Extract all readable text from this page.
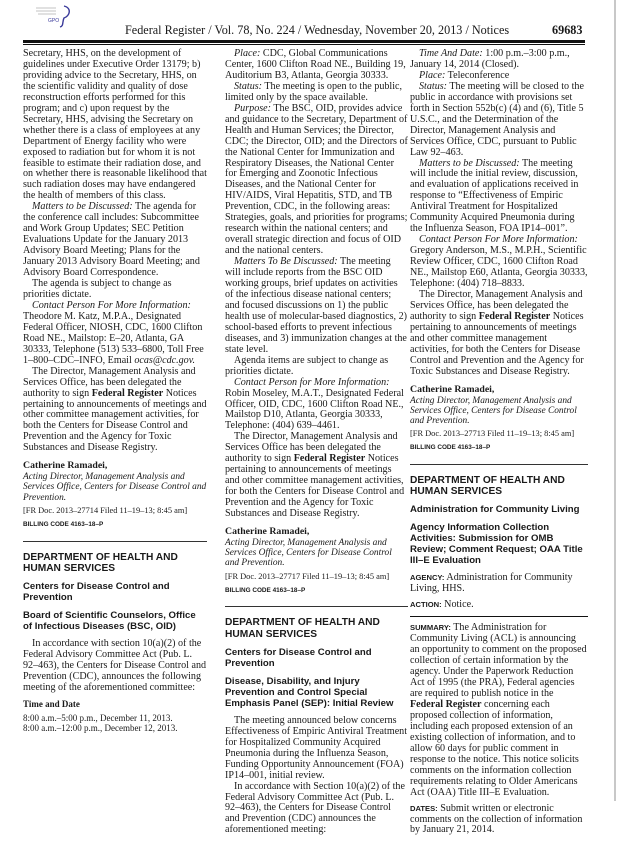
GPO
Federal Register / Vol. 78, No. 224 / Wednesday, November 20, 2013 / Notices	69683

Secretary, HHS, on the development of guidelines under Executive Order 13179; b) providing advice to the Secretary, HHS, on the scientific validity and quality of dose reconstruction efforts performed for this program; and c) upon request by the Secretary, HHS, advising the Secretary on whether there is a class of employees at any Department of Energy facility who were exposed to radiation but for whom it is not feasible to estimate their radiation dose, and on whether there is reasonable likelihood that such radiation doses may have endangered the health of members of this class.

Matters to be Discussed: The agenda for the conference call includes: Subcommittee and Work Group Updates; SEC Petition Evaluations Update for the January 2013 Advisory Board Meeting; Plans for the January 2013 Advisory Board Meeting; and Advisory Board Correspondence.

The agenda is subject to change as priorities dictate.

Contact Person For More Information: Theodore M. Katz, M.P.A., Designated Federal Officer, NIOSH, CDC, 1600 Clifton Road NE., Mailstop: E–20, Atlanta, GA 30333, Telephone (513) 533–6800, Toll Free 1–800–CDC–INFO, Email ocas@cdc.gov.

The Director, Management Analysis and Services Office, has been delegated the authority to sign Federal Register Notices pertaining to announcements of meetings and other committee management activities, for both the Centers for Disease Control and Prevention and the Agency for Toxic Substances and Disease Registry.

Catherine Ramadei,
Acting Director, Management Analysis and Services Office, Centers for Disease Control and Prevention.
[FR Doc. 2013–27714 Filed 11–19–13; 8:45 am]
BILLING CODE 4163–18–P
DEPARTMENT OF HEALTH AND HUMAN SERVICES
Centers for Disease Control and Prevention
Board of Scientific Counselors, Office of Infectious Diseases (BSC, OID)

In accordance with section 10(a)(2) of the Federal Advisory Committee Act (Pub. L. 92–463), the Centers for Disease Control and Prevention (CDC), announces the following meeting of the aforementioned committee:

Time and Date
8:00 a.m.–5:00 p.m., December 11, 2013.
8:00 a.m.–12:00 p.m., December 12, 2013.

Place: CDC, Global Communications Center, 1600 Clifton Road NE., Building 19, Auditorium B3, Atlanta, Georgia 30333.

Status: The meeting is open to the public, limited only by the space available.

Purpose: The BSC, OID, provides advice and guidance to the Secretary, Department of Health and Human Services; the Director, CDC; the Director, OID; and the Directors of the National Center for Immunization and Respiratory Diseases, the National Center for Emerging and Zoonotic Infectious Diseases, and the National Center for HIV/AIDS, Viral Hepatitis, STD, and TB Prevention, CDC, in the following areas: Strategies, goals, and priorities for programs; research within the national centers; and overall strategic direction and focus of OID and the national centers.

Matters To Be Discussed: The meeting will include reports from the BSC OID working groups, brief updates on activities of the infectious disease national centers; and focused discussions on 1) the public health use of molecular-based diagnostics, 2) school-based efforts to prevent infectious diseases, and 3) immunization changes at the state level.

Agenda items are subject to change as priorities dictate.

Contact Person for More Information: Robin Moseley, M.A.T., Designated Federal Officer, OID, CDC, 1600 Clifton Road NE., Mailstop D10, Atlanta, Georgia 30333, Telephone: (404) 639–4461.

The Director, Management Analysis and Services Office has been delegated the authority to sign Federal Register Notices pertaining to announcements of meetings and other committee management activities, for both the Centers for Disease Control and Prevention and the Agency for Toxic Substances and Disease Registry.

Catherine Ramadei,
Acting Director, Management Analysis and Services Office, Centers for Disease Control and Prevention.
[FR Doc. 2013–27717 Filed 11–19–13; 8:45 am]
BILLING CODE 4163–18–P
DEPARTMENT OF HEALTH AND HUMAN SERVICES
Centers for Disease Control and Prevention
Disease, Disability, and Injury Prevention and Control Special Emphasis Panel (SEP): Initial Review

The meeting announced below concerns Effectiveness of Empiric Antiviral Treatment for Hospitalized Community Acquired Pneumonia during the Influenza Season, Funding Opportunity Announcement (FOA) IP14–001, initial review.

In accordance with Section 10(a)(2) of the Federal Advisory Committee Act (Pub. L. 92–463), the Centers for Disease Control and Prevention (CDC) announces the aforementioned meeting:

Time And Date: 1:00 p.m.–3:00 p.m., January 14, 2014 (Closed).

Place: Teleconference

Status: The meeting will be closed to the public in accordance with provisions set forth in Section 552b(c) (4) and (6), Title 5 U.S.C., and the Determination of the Director, Management Analysis and Services Office, CDC, pursuant to Public Law 92–463.

Matters to be Discussed: The meeting will include the initial review, discussion, and evaluation of applications received in response to “Effectiveness of Empiric Antiviral Treatment for Hospitalized Community Acquired Pneumonia during the Influenza Season, FOA IP14–001”.

Contact Person For More Information: Gregory Anderson, M.S., M.P.H., Scientific Review Officer, CDC, 1600 Clifton Road NE., Mailstop E60, Atlanta, Georgia 30333, Telephone: (404) 718–8833.

The Director, Management Analysis and Services Office, has been delegated the authority to sign Federal Register Notices pertaining to announcements of meetings and other committee management activities, for both the Centers for Disease Control and Prevention and the Agency for Toxic Substances and Disease Registry.

Catherine Ramadei,
Acting Director, Management Analysis and Services Office, Centers for Disease Control and Prevention.
[FR Doc. 2013–27713 Filed 11–19–13; 8:45 am]
BILLING CODE 4163–18–P
DEPARTMENT OF HEALTH AND HUMAN SERVICES
Administration for Community Living
Agency Information Collection Activities: Submission for OMB Review; Comment Request; OAA Title III–E Evaluation

AGENCY: Administration for Community Living, HHS.

ACTION: Notice.

SUMMARY: The Administration for Community Living (ACL) is announcing an opportunity to comment on the proposed collection of certain information by the agency. Under the Paperwork Reduction Act of 1995 (the PRA), Federal agencies are required to publish notice in the Federal Register concerning each proposed collection of information, including each proposed extension of an existing collection of information, and to allow 60 days for public comment in response to the notice. This notice solicits comments on the information collection requirements relating to Older Americans Act (OAA) Title III–E Evaluation.

DATES: Submit written or electronic comments on the collection of information by January 21, 2014.
